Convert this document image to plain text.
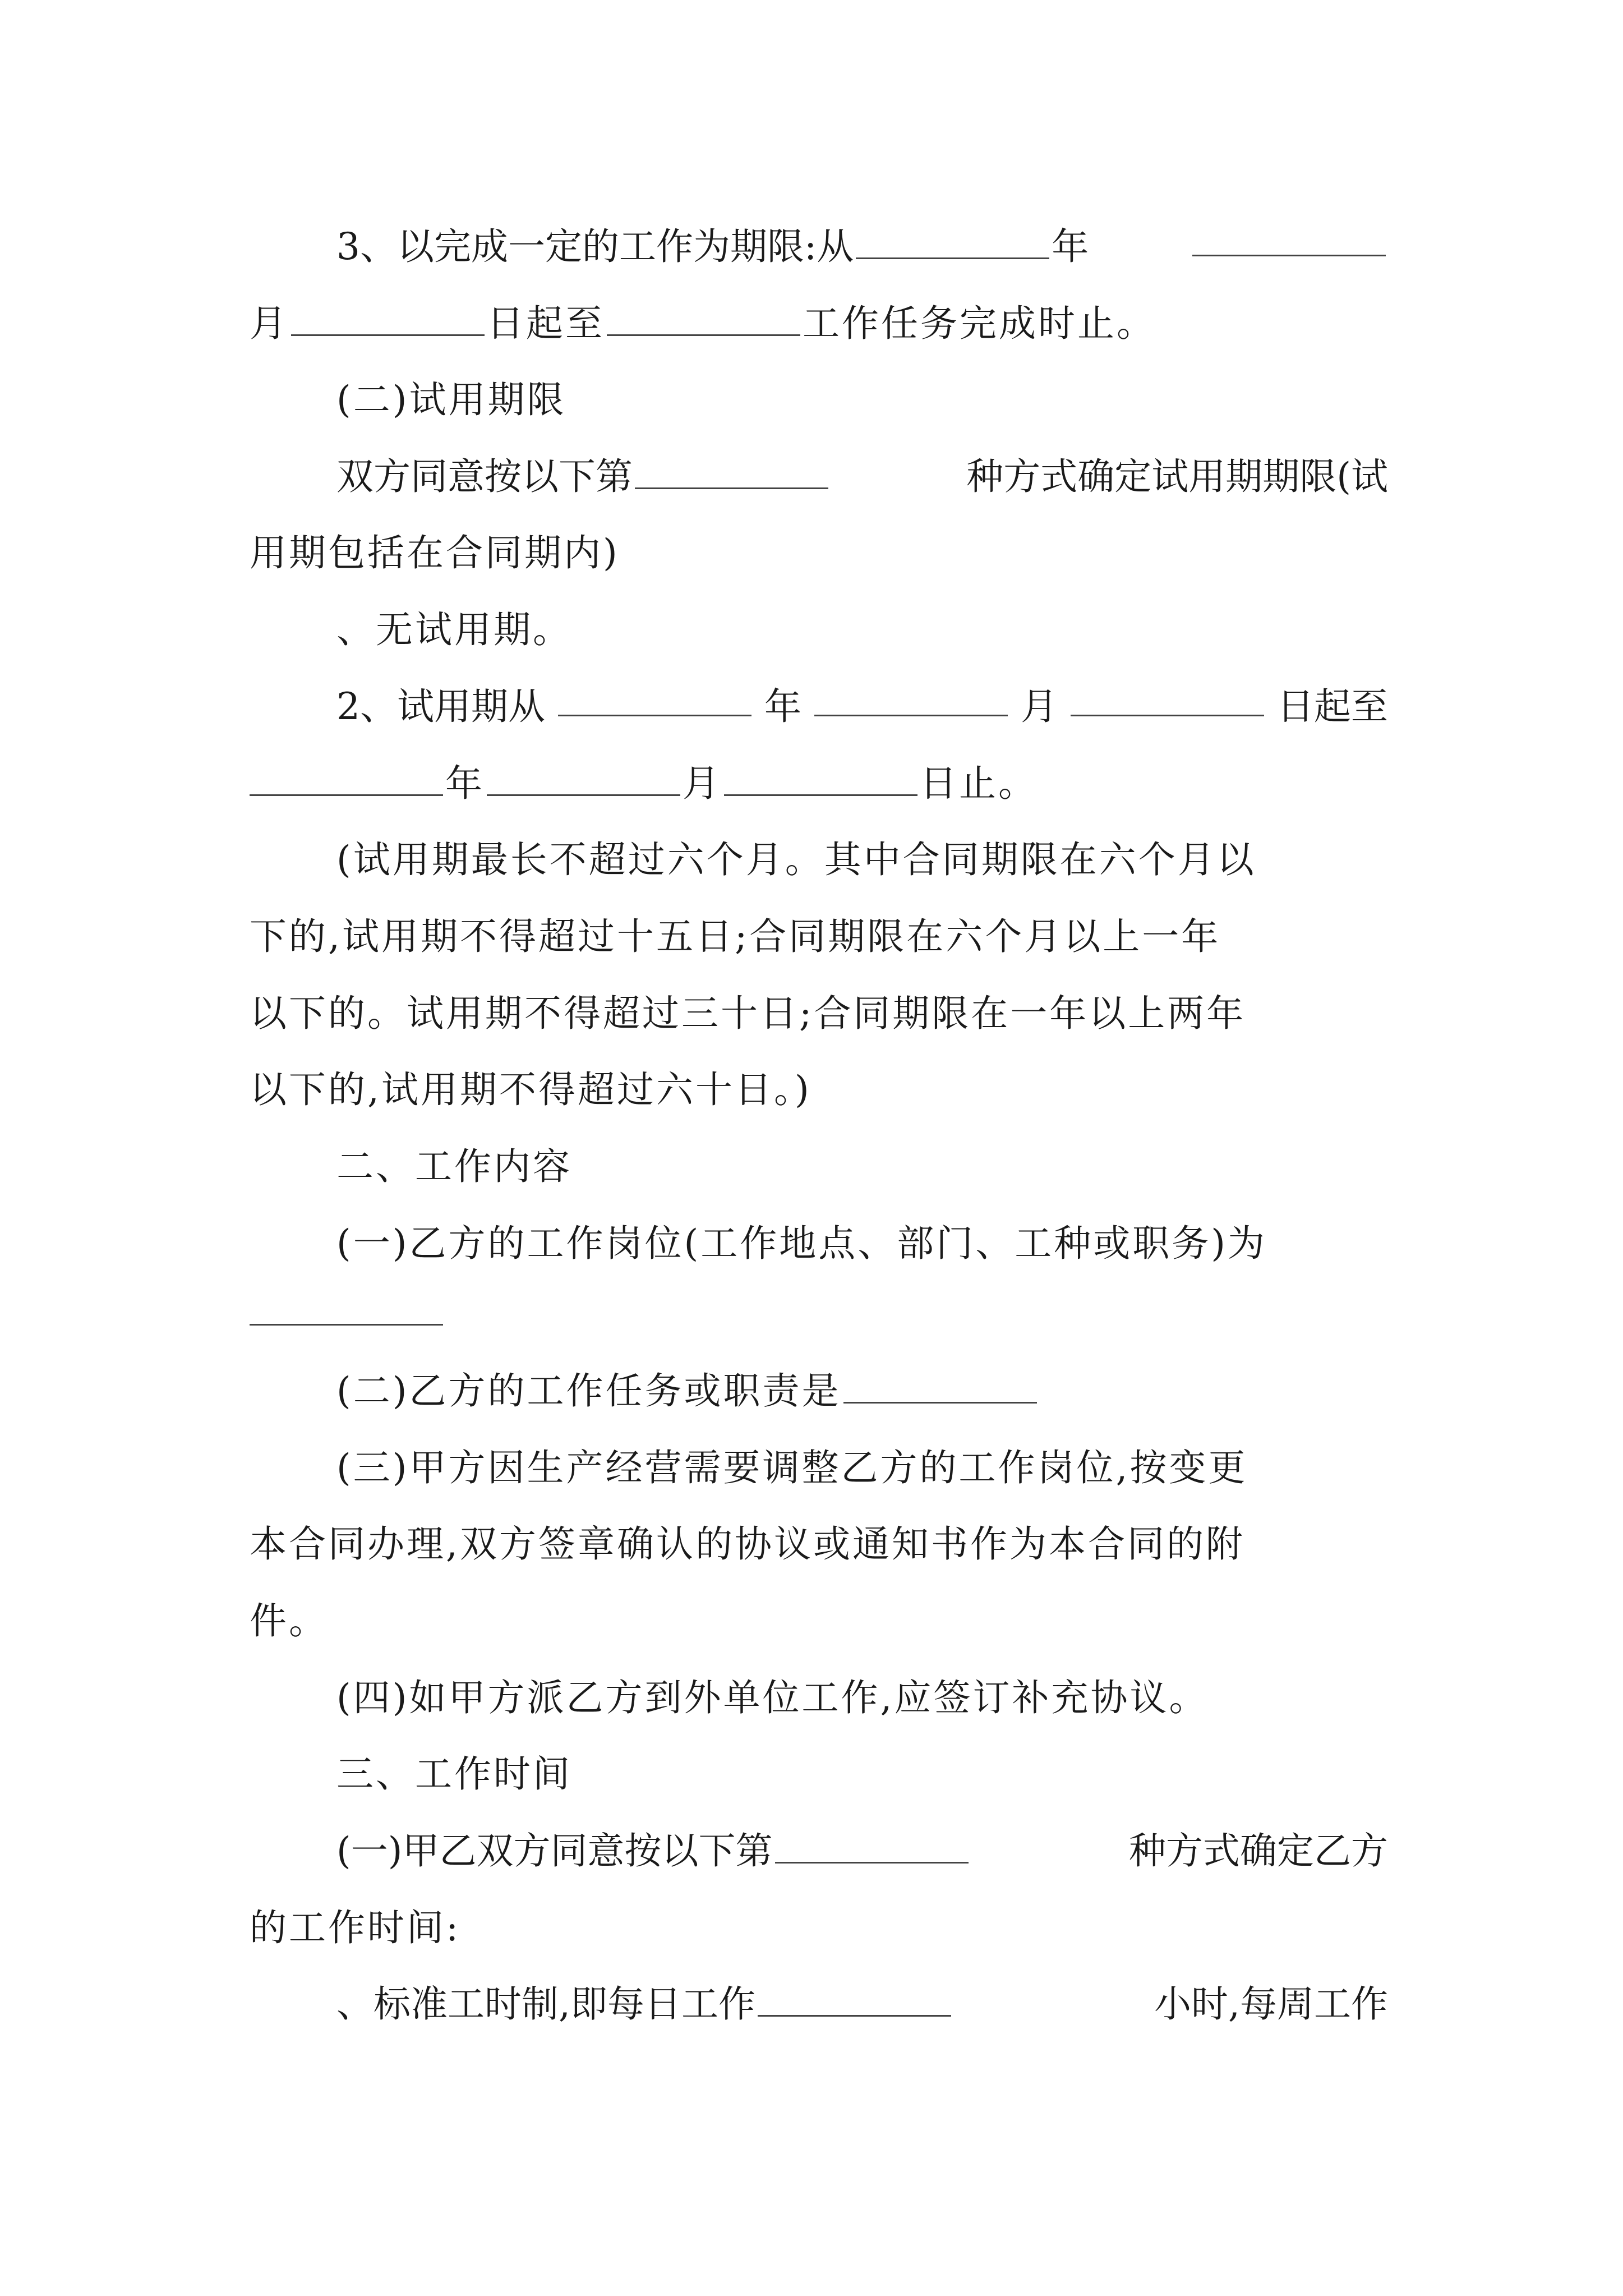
3、以完成一定的工作为期限:从	年
月	日起至	工作任务完成时止。
(二)试用期限
双方同意按以下第	种方式确定试用期期限(试
用期包括在合同期内)
、无试用期。
2、试用期从	年	月	日起至
年	月	日止。
(试用期最长不超过六个月。其中合同期限在六个月以
下的,试用期不得超过十五日;合同期限在六个月以上一年
以下的。试用期不得超过三十日;合同期限在一年以上两年
以下的,试用期不得超过六十日。)
二、工作内容
(一)乙方的工作岗位(工作地点、部门、工种或职务)为
(二)乙方的工作任务或职责是
(三)甲方因生产经营需要调整乙方的工作岗位,按变更
本合同办理,双方签章确认的协议或通知书作为本合同的附
件。
(四)如甲方派乙方到外单位工作,应签订补充协议。
三、工作时间
(一)甲乙双方同意按以下第	种方式确定乙方
的工作时间:
、标准工时制,即每日工作	小时,每周工作
